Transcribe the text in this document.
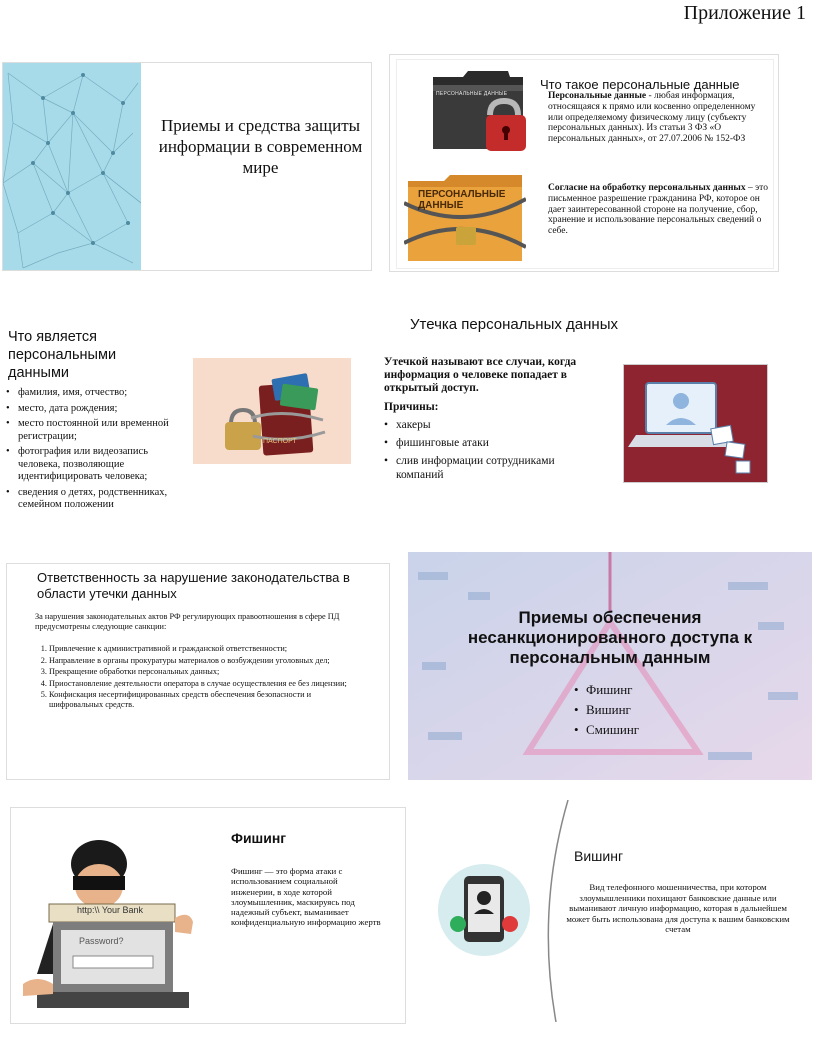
Приложение 1
Приемы и средства защиты информации в современном мире
ПЕРСОНАЛЬНЫЕ ДАННЫЕ
ПЕРСОНАЛЬНЫЕ ДАННЫЕ
Что такое персональные данные
Персональные данные - любая информация, относящаяся к прямо или косвенно определенному или определяемому физическому лицу (субъекту персональных данных). Из статьи 3 ФЗ «О персональных данных», от 27.07.2006 № 152-ФЗ
Согласие на обработку персональных данных – это письменное разрешение гражданина РФ, которое он дает заинтересованной стороне на получение, сбор, хранение и использование персональных сведений о себе.
Что является персональными данными
• фамилия, имя, отчество;
• место, дата рождения;
• место постоянной или временной регистрации;
• фотография или видеозапись человека, позволяющие идентифицировать человека;
• сведения о детях, родственниках, семейном положении
ПАСПОРТ
Утечка персональных данных
Утечкой называют все случаи, когда информация о человеке попадает в открытый доступ.
Причины:
• хакеры
• фишинговые атаки
• слив информации сотрудниками компаний
Ответственность за нарушение законодательства в области утечки данных
За нарушения законодательных актов РФ регулирующих правоотношения в сфере ПД предусмотрены следующие санкции:
1. Привлечение к административной и гражданской ответственности;
2. Направление в органы прокуратуры материалов о возбуждении уголовных дел;
3. Прекращение обработки персональных данных;
4. Приостановление деятельности оператора в случае осуществления ее без лицензии;
5. Конфискация несертифицированных средств обеспечения безопасности и шифровальных средств.
Приемы обеспечения несанкционированного доступа к персональным данным
• Фишинг
• Вишинг
• Смишинг
http:\\ Your Bank
Password?
Фишинг
Фишинг — это форма атаки с использованием социальной инженерии, в ходе которой злоумышленник, маскируясь под надежный субъект, выманивает конфиденциальную информацию жертв
Вишинг
Вид телефонного мошенничества, при котором злоумышленники похищают банковские данные или выманивают личную информацию, которая в дальнейшем может быть использована для доступа к вашим банковским счетам
